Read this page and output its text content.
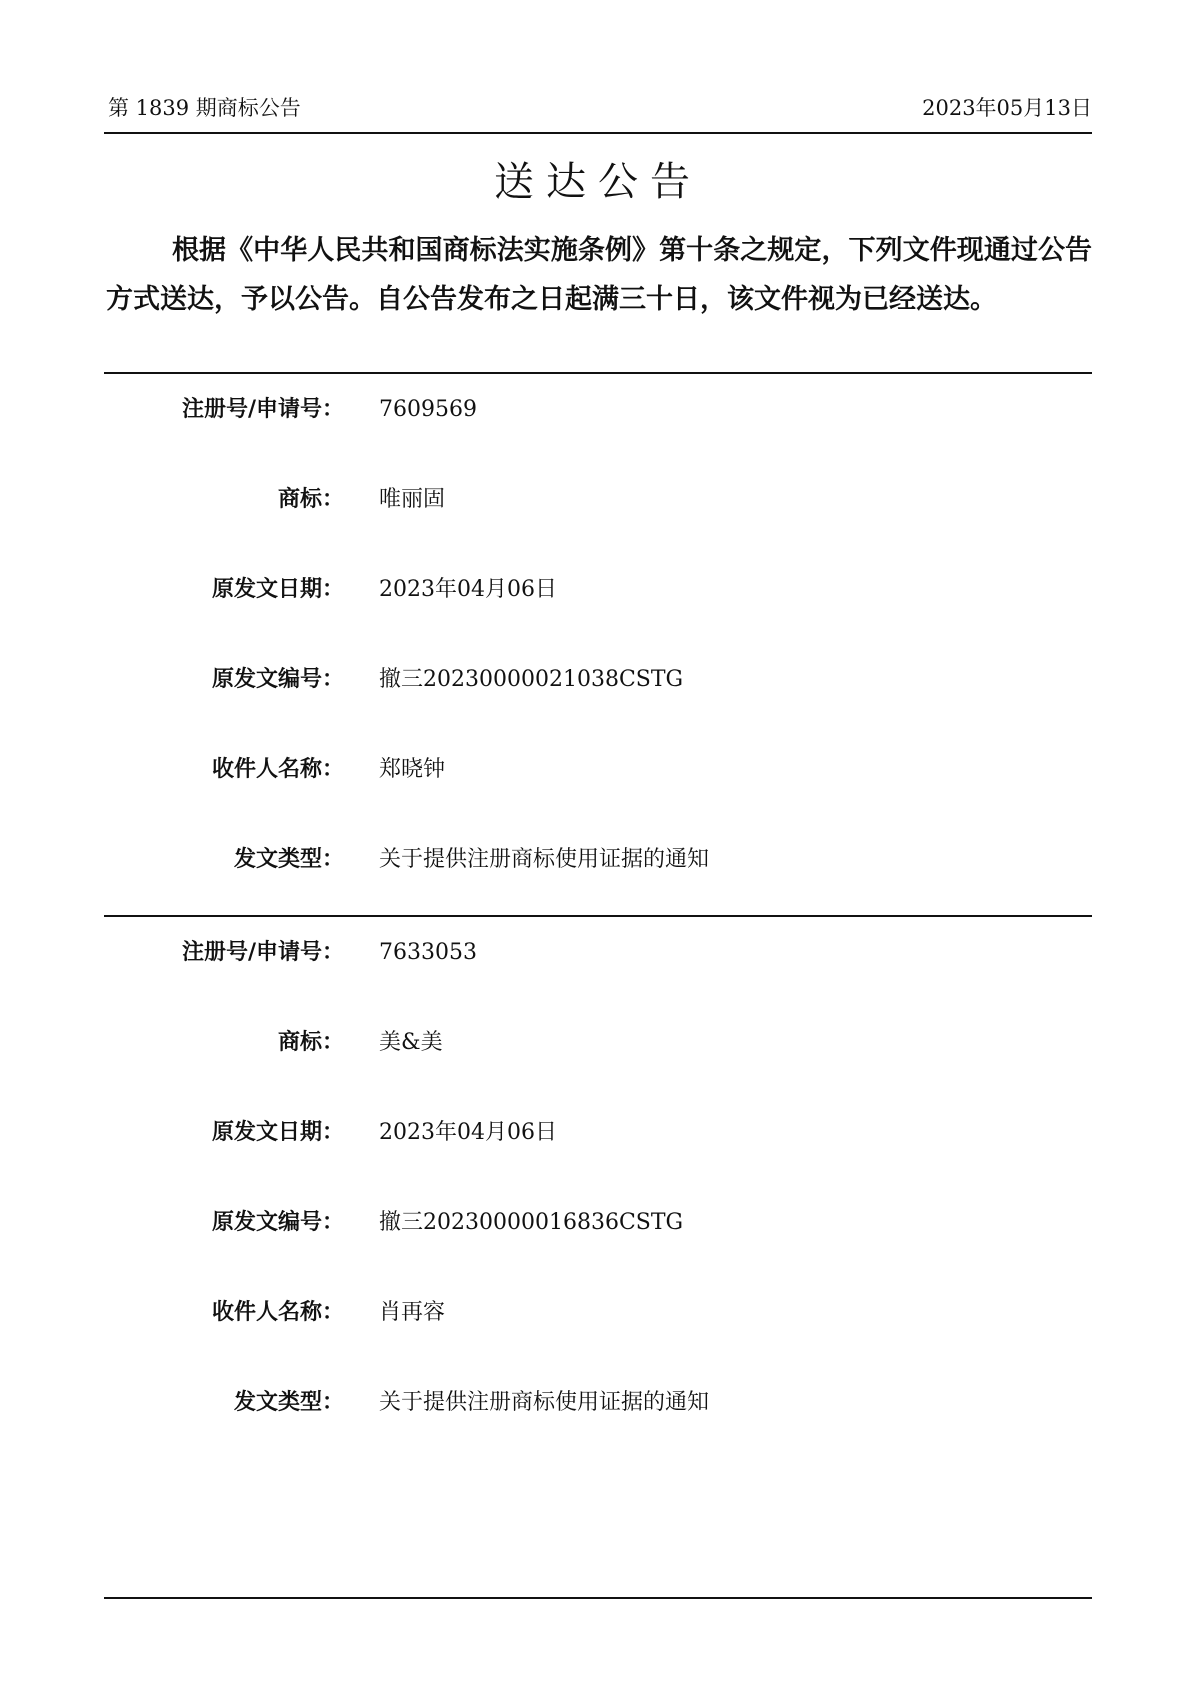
第 1839 期商标公告	2023年05月13日
送达公告
根据《中华人民共和国商标法实施条例》第十条之规定，下列文件现通过公告方式送达，予以公告。自公告发布之日起满三十日，该文件视为已经送达。
注册号/申请号： 7609569
商标： 唯丽固
原发文日期： 2023年04月06日
原发文编号： 撤三20230000021038CSTG
收件人名称： 郑晓钟
发文类型： 关于提供注册商标使用证据的通知
注册号/申请号： 7633053
商标： 美&美
原发文日期： 2023年04月06日
原发文编号： 撤三20230000016836CSTG
收件人名称： 肖再容
发文类型： 关于提供注册商标使用证据的通知
